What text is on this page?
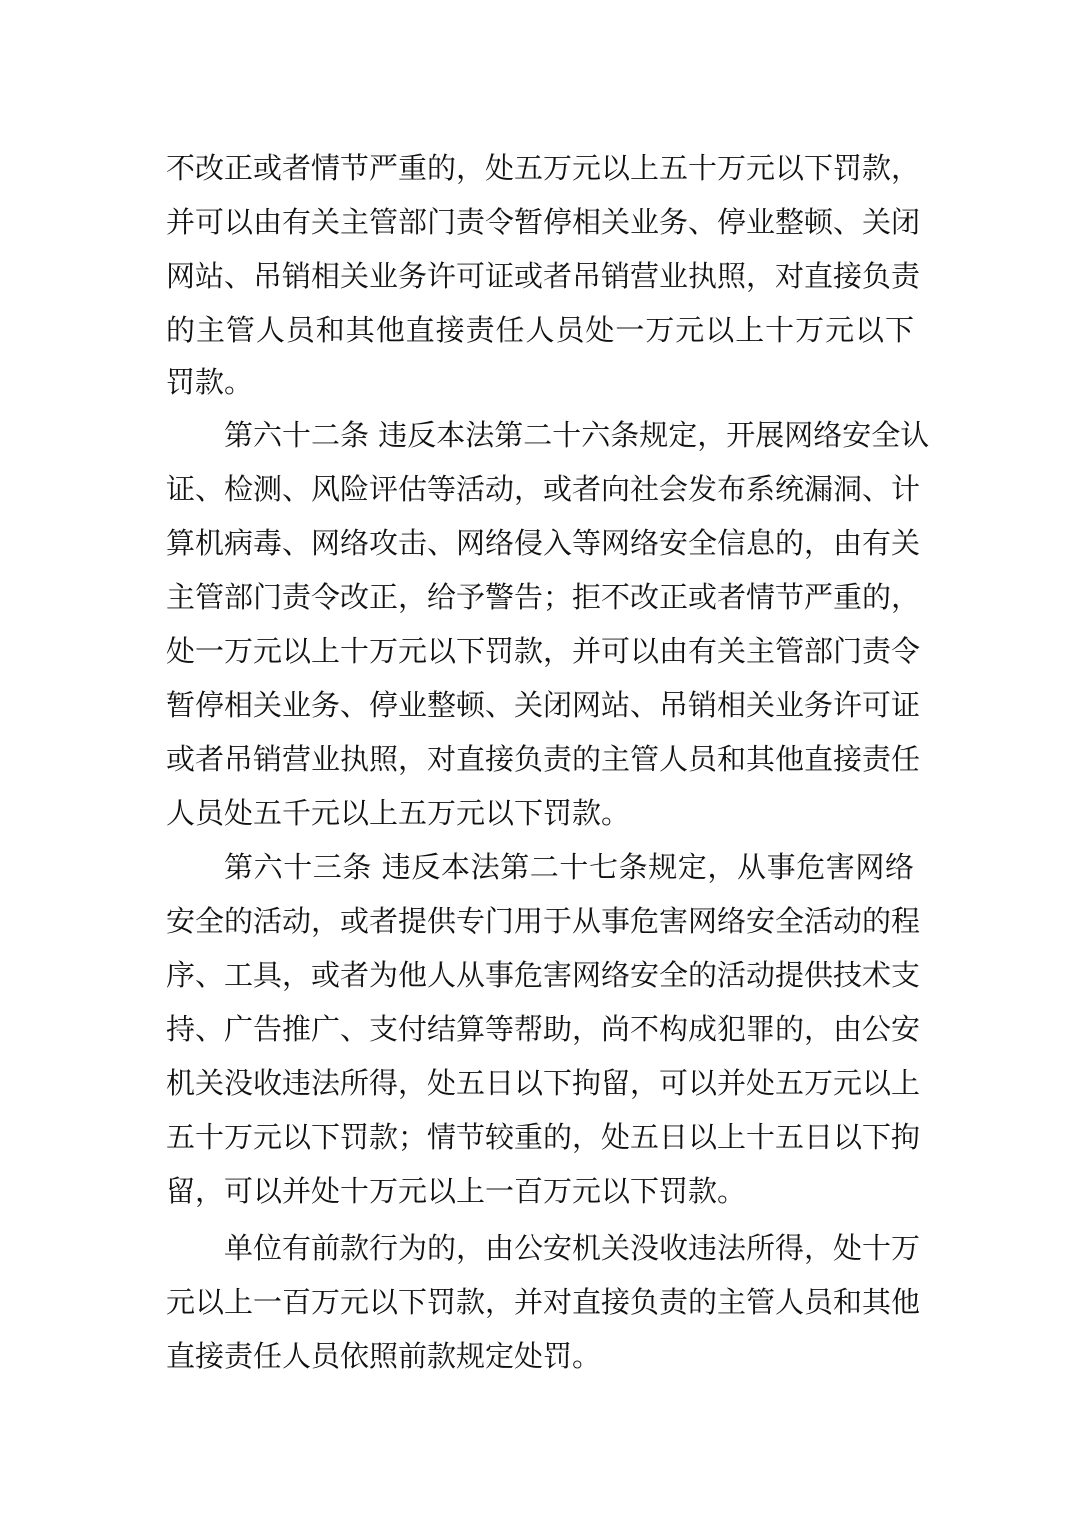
不改正或者情节严重的，处五万元以上五十万元以下罚款，
并可以由有关主管部门责令暂停相关业务、停业整顿、关闭
网站、吊销相关业务许可证或者吊销营业执照，对直接负责
的主管人员和其他直接责任人员处一万元以上十万元以下
罚款。
第六十二条 违反本法第二十六条规定，开展网络安全认
证、检测、风险评估等活动，或者向社会发布系统漏洞、计
算机病毒、网络攻击、网络侵入等网络安全信息的，由有关
主管部门责令改正，给予警告；拒不改正或者情节严重的，
处一万元以上十万元以下罚款，并可以由有关主管部门责令
暂停相关业务、停业整顿、关闭网站、吊销相关业务许可证
或者吊销营业执照，对直接负责的主管人员和其他直接责任
人员处五千元以上五万元以下罚款。
第六十三条 违反本法第二十七条规定，从事危害网络
安全的活动，或者提供专门用于从事危害网络安全活动的程
序、工具，或者为他人从事危害网络安全的活动提供技术支
持、广告推广、支付结算等帮助，尚不构成犯罪的，由公安
机关没收违法所得，处五日以下拘留，可以并处五万元以上
五十万元以下罚款；情节较重的，处五日以上十五日以下拘
留，可以并处十万元以上一百万元以下罚款。
单位有前款行为的，由公安机关没收违法所得，处十万
元以上一百万元以下罚款，并对直接负责的主管人员和其他
直接责任人员依照前款规定处罚。
